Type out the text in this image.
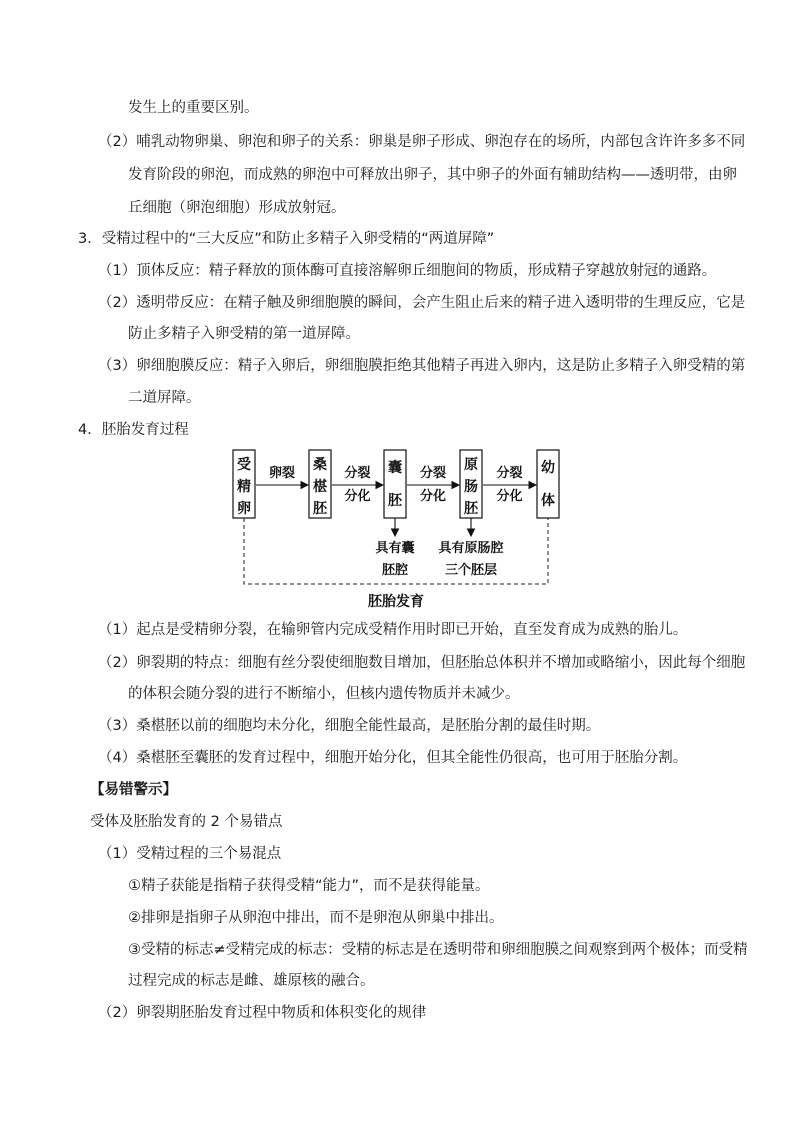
发生上的重要区别。
（2）哺乳动物卵巢、卵泡和卵子的关系：卵巢是卵子形成、卵泡存在的场所，内部包含许许多多不同
发育阶段的卵泡，而成熟的卵泡中可释放出卵子，其中卵子的外面有辅助结构——透明带，由卵
丘细胞（卵泡细胞）形成放射冠。
3．受精过程中的“三大反应”和防止多精子入卵受精的“两道屏障”
（1）顶体反应：精子释放的顶体酶可直接溶解卵丘细胞间的物质，形成精子穿越放射冠的通路。
（2）透明带反应：在精子触及卵细胞膜的瞬间，会产生阻止后来的精子进入透明带的生理反应，它是
防止多精子入卵受精的第一道屏障。
（3）卵细胞膜反应：精子入卵后，卵细胞膜拒绝其他精子再进入卵内，这是防止多精子入卵受精的第
二道屏障。
4．胚胎发育过程
受
精
卵
桑
椹
胚
囊
胚
原
肠
胚
幼
体
卵裂	分裂
分化
分裂
分化
分裂
分化
具有囊
胚腔
具有原肠腔
三个胚层
胚胎发育
（1）起点是受精卵分裂，在输卵管内完成受精作用时即已开始，直至发育成为成熟的胎儿。
（2）卵裂期的特点：细胞有丝分裂使细胞数目增加，但胚胎总体积并不增加或略缩小，因此每个细胞
的体积会随分裂的进行不断缩小，但核内遗传物质并未减少。
（3）桑椹胚以前的细胞均未分化，细胞全能性最高，是胚胎分割的最佳时期。
（4）桑椹胚至囊胚的发育过程中，细胞开始分化，但其全能性仍很高，也可用于胚胎分割。
【易错警示】
受体及胚胎发育的 2 个易错点
（1）受精过程的三个易混点
①精子获能是指精子获得受精“能力”，而不是获得能量。
②排卵是指卵子从卵泡中排出，而不是卵泡从卵巢中排出。
③受精的标志≠受精完成的标志：受精的标志是在透明带和卵细胞膜之间观察到两个极体；而受精
过程完成的标志是雌、雄原核的融合。
（2）卵裂期胚胎发育过程中物质和体积变化的规律
